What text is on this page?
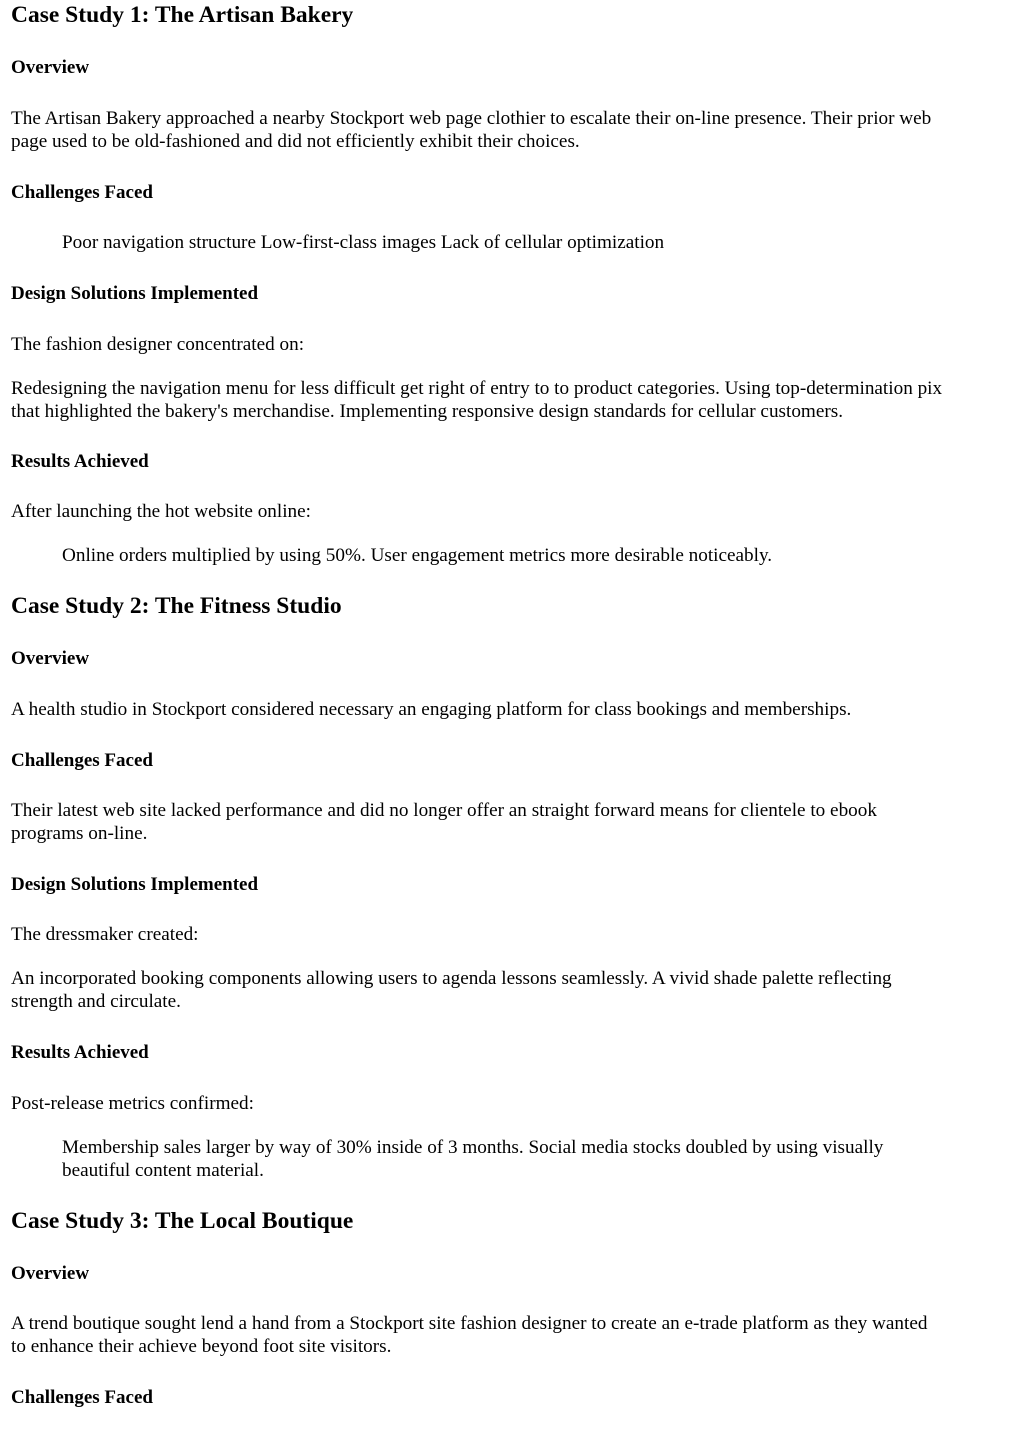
Case Study 1: The Artisan Bakery
Overview

The Artisan Bakery approached a nearby Stockport web page clothier to escalate their on-line presence. Their prior web

page used to be old-fashioned and did not efficiently exhibit their choices.

Challenges Faced

Poor navigation structure Low-first-class images Lack of cellular optimization

Design Solutions Implemented

The fashion designer concentrated on:

Redesigning the navigation menu for less difficult get right of entry to to product categories. Using top-determination pix

that highlighted the bakery's merchandise. Implementing responsive design standards for cellular customers.

Results Achieved

After launching the hot website online:

Online orders multiplied by using 50%. User engagement metrics more desirable noticeably.

Case Study 2: The Fitness Studio
Overview

A health studio in Stockport considered necessary an engaging platform for class bookings and memberships.

Challenges Faced

Their latest web site lacked performance and did no longer offer an straight forward means for clientele to ebook

programs on-line.

Design Solutions Implemented

The dressmaker created:

An incorporated booking components allowing users to agenda lessons seamlessly. A vivid shade palette reflecting

strength and circulate.

Results Achieved

Post-release metrics confirmed:

Membership sales larger by way of 30% inside of 3 months. Social media stocks doubled by using visually

beautiful content material.

Case Study 3: The Local Boutique
Overview

A trend boutique sought lend a hand from a Stockport site fashion designer to create an e-trade platform as they wanted

to enhance their achieve beyond foot site visitors.

Challenges Faced
